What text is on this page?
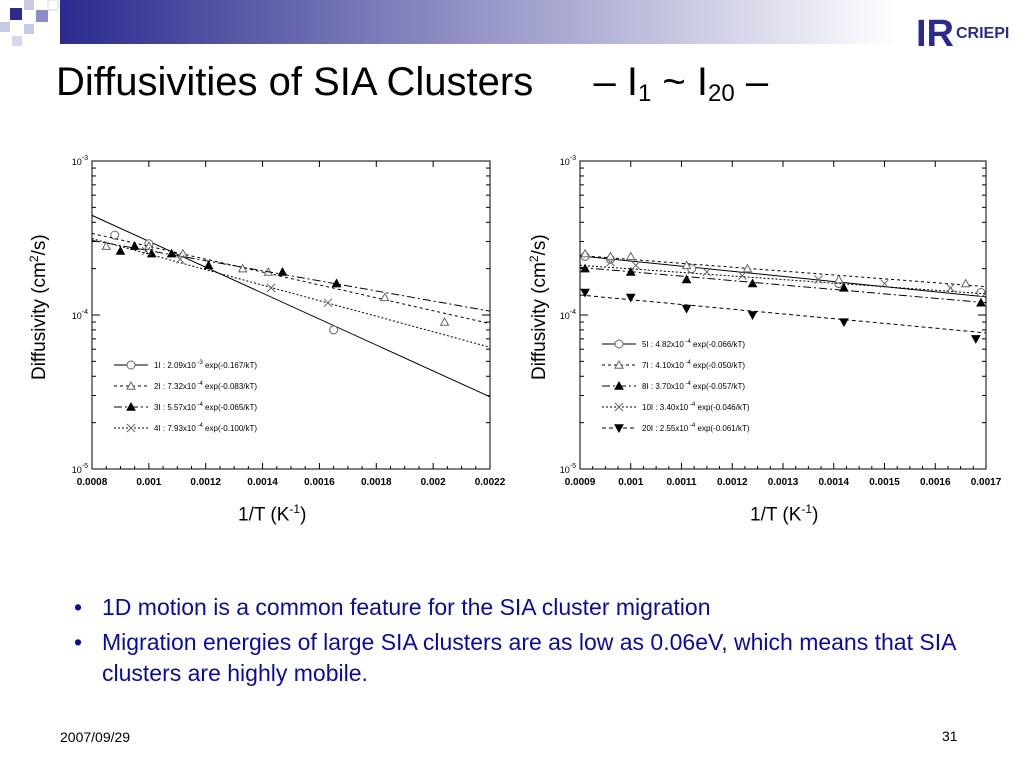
IR CRIEPI
Diffusivities of SIA Clusters – $I_1$ ~ $I_{20}$ –
Diffusivity $(cm^2/s)$
0.0008	0.001	0.0012	0.0014	0.0016	0.0018	0.002	0.0022
$10^{-3}$
$10^{-4}$
$10^{-5}$
1I : 2.09x10 $^{-3}$ exp(-0.167/kT)
2I : 7.32x10 $^{-4}$ exp(-0.083/kT)
3I : 5.57x10 $^{-4}$ exp(-0.065/kT)
4I : 7.93x10 $^{-4}$ exp(-0.100/kT)
1/T $(K^{-1})$
Diffusivity $(cm^2/s)$
0.0009 0.001 0.0011 0.0012 0.0013 0.0014 0.0015 0.0016 0.0017
$10^{-3}$
$10^{-4}$
$10^{-5}$
5I : 4.82x10 $^{-4}$ exp(-0.066/kT)
7I : 4.10x10 $^{-4}$ exp(-0.050/kT)
8I : 3.70x10 $^{-4}$ exp(-0.057/kT)
10I : 3.40x10 $^{-4}$ exp(-0.046/kT)
20I : 2.55x10 $^{-4}$ exp(-0.061/kT)
1/T $(K^{-1})$
• 1D motion is a common feature for the SIA cluster migration
• Migration energies of large SIA clusters are as low as 0.06eV, which means that SIA clusters are highly mobile.
2007/09/29	31
